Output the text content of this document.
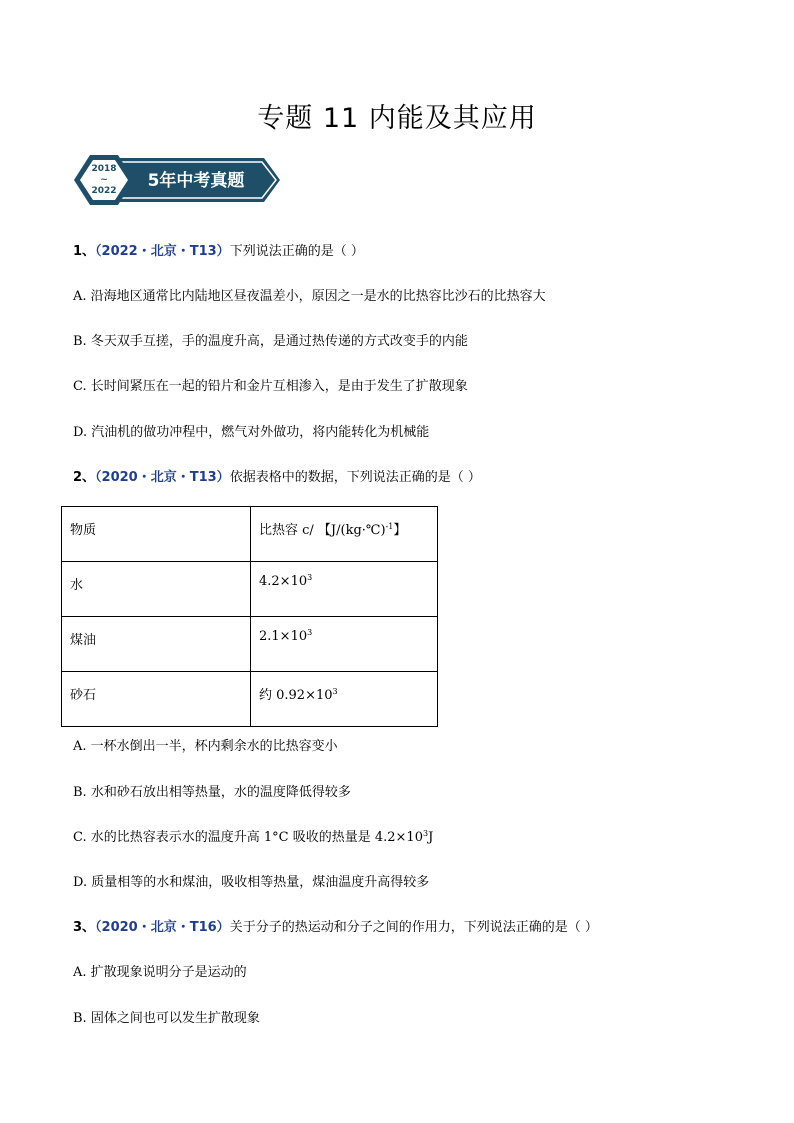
专题 11 内能及其应用
2018
~
2022 5年中考真题
1、（2022・北京・T13）下列说法正确的是（ ）
A. 沿海地区通常比内陆地区昼夜温差小，原因之一是水的比热容比沙石的比热容大
B. 冬天双手互搓，手的温度升高，是通过热传递的方式改变手的内能
C. 长时间紧压在一起的铅片和金片互相渗入，是由于发生了扩散现象
D. 汽油机的做功冲程中，燃气对外做功，将内能转化为机械能
2、（2020・北京・T13）依据表格中的数据，下列说法正确的是（ ）
物质	比热容 c/ 【J/(kg·℃)$^{-1}$】
水	$4.2\times 10^3$
煤油	$2.1\times 10^3$
砂石	约 $0.92\times 10^3$
A. 一杯水倒出一半，杯内剩余水的比热容变小
B. 水和砂石放出相等热量，水的温度降低得较多
C. 水的比热容表示水的温度升高 1°C 吸收的热量是 $4.2\times 10^3J$
D. 质量相等的水和煤油，吸收相等热量，煤油温度升高得较多
3、（2020・北京・T16）关于分子的热运动和分子之间的作用力，下列说法正确的是（ ）
A. 扩散现象说明分子是运动的
B. 固体之间也可以发生扩散现象
